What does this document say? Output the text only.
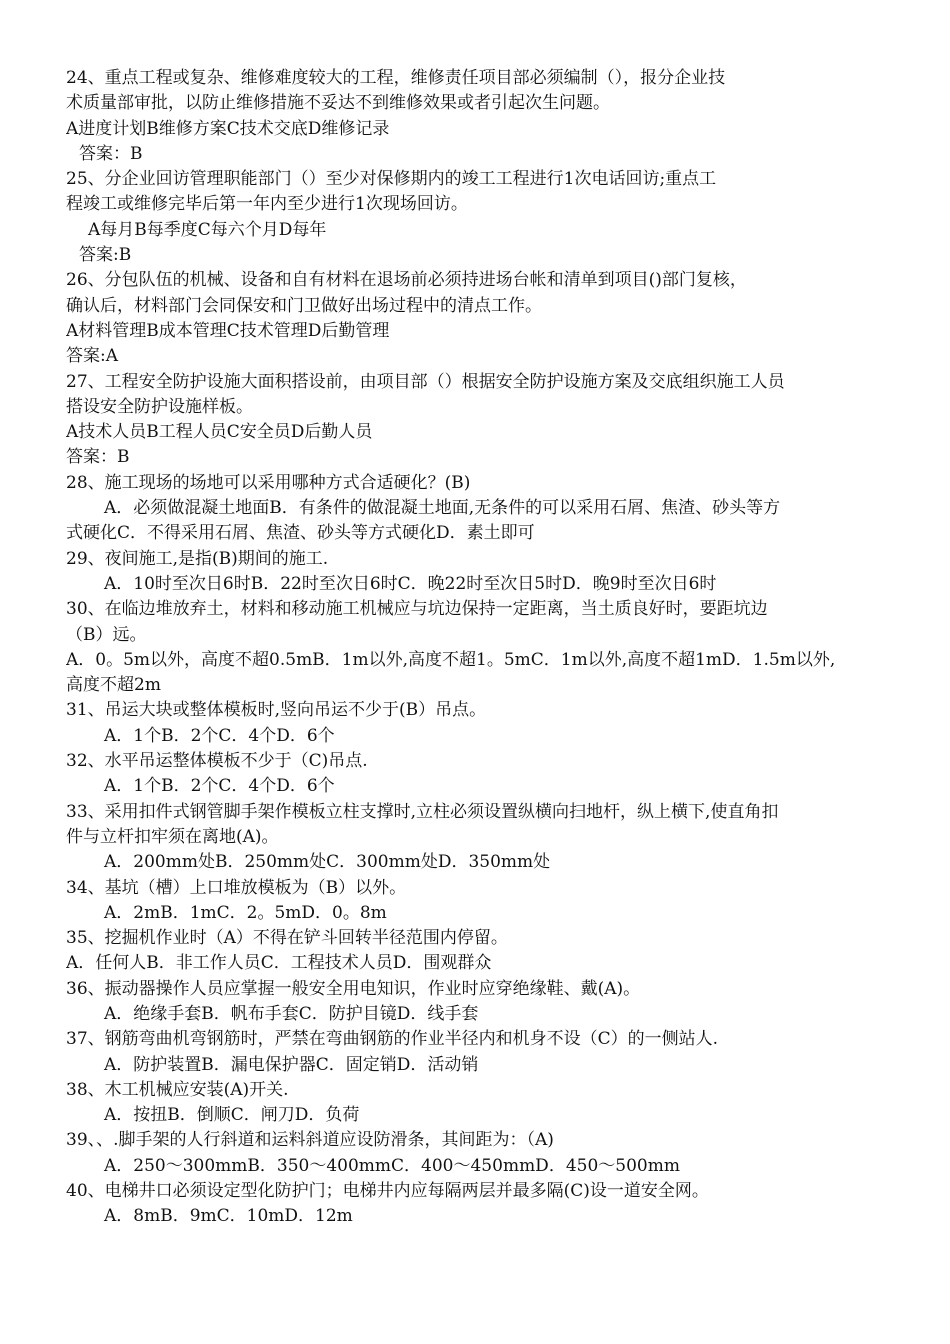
24、重点工程或复杂、维修难度较大的工程，维修责任项目部必须编制（），报分企业技
术质量部审批，以防止维修措施不妥达不到维修效果或者引起次生问题。
A进度计划B维修方案C技术交底D维修记录
答案：B
25、分企业回访管理职能部门（）至少对保修期内的竣工工程进行1次电话回访;重点工
程竣工或维修完毕后第一年内至少进行1次现场回访。
A每月B每季度C每六个月D每年
答案:B
26、分包队伍的机械、设备和自有材料在退场前必须持进场台帐和清单到项目()部门复核，
确认后，材料部门会同保安和门卫做好出场过程中的清点工作。
A材料管理B成本管理C技术管理D后勤管理
答案:A
27、工程安全防护设施大面积搭设前，由项目部（）根据安全防护设施方案及交底组织施工人员
搭设安全防护设施样板。
A技术人员B工程人员C安全员D后勤人员
答案：B
28、施工现场的场地可以采用哪种方式合适硬化？(B)
A．必须做混凝土地面B．有条件的做混凝土地面,无条件的可以采用石屑、焦渣、砂头等方
式硬化C．不得采用石屑、焦渣、砂头等方式硬化D．素土即可
29、夜间施工,是指(B)期间的施工.
A．10时至次日6时B．22时至次日6时C．晚22时至次日5时D．晚9时至次日6时
30、在临边堆放弃土，材料和移动施工机械应与坑边保持一定距离，当土质良好时，要距坑边
（B）远。
A．0。5m以外，高度不超0.5mB．1m以外,高度不超1。5mC．1m以外,高度不超1mD．1.5m以外,
高度不超2m
31、吊运大块或整体模板时,竖向吊运不少于(B）吊点。
A．1个B．2个C．4个D．6个
32、水平吊运整体模板不少于（C)吊点.
A．1个B．2个C．4个D．6个
33、采用扣件式钢管脚手架作模板立柱支撑时,立柱必须设置纵横向扫地杆，纵上横下,使直角扣
件与立杆扣牢须在离地(A)。
A．200mm处B．250mm处C．300mm处D．350mm处
34、基坑（槽）上口堆放模板为（B）以外。
A．2mB．1mC．2。5mD．0。8m
35、挖掘机作业时（A）不得在铲斗回转半径范围内停留。
A．任何人B．非工作人员C．工程技术人员D．围观群众
36、振动器操作人员应掌握一般安全用电知识，作业时应穿绝缘鞋、戴(A)。
A．绝缘手套B．帆布手套C．防护目镜D．线手套
37、钢筋弯曲机弯钢筋时，严禁在弯曲钢筋的作业半径内和机身不设（C）的一侧站人.
A．防护装置B．漏电保护器C．固定销D．活动销
38、木工机械应安装(A)开关.
A．按扭B．倒顺C．闸刀D．负荷
39、、.脚手架的人行斜道和运料斜道应设防滑条，其间距为：（A)
A．250～300mmB．350～400mmC．400～450mmD．450～500mm
40、电梯井口必须设定型化防护门；电梯井内应每隔两层并最多隔(C)设一道安全网。
A．8mB．9mC．10mD．12m
